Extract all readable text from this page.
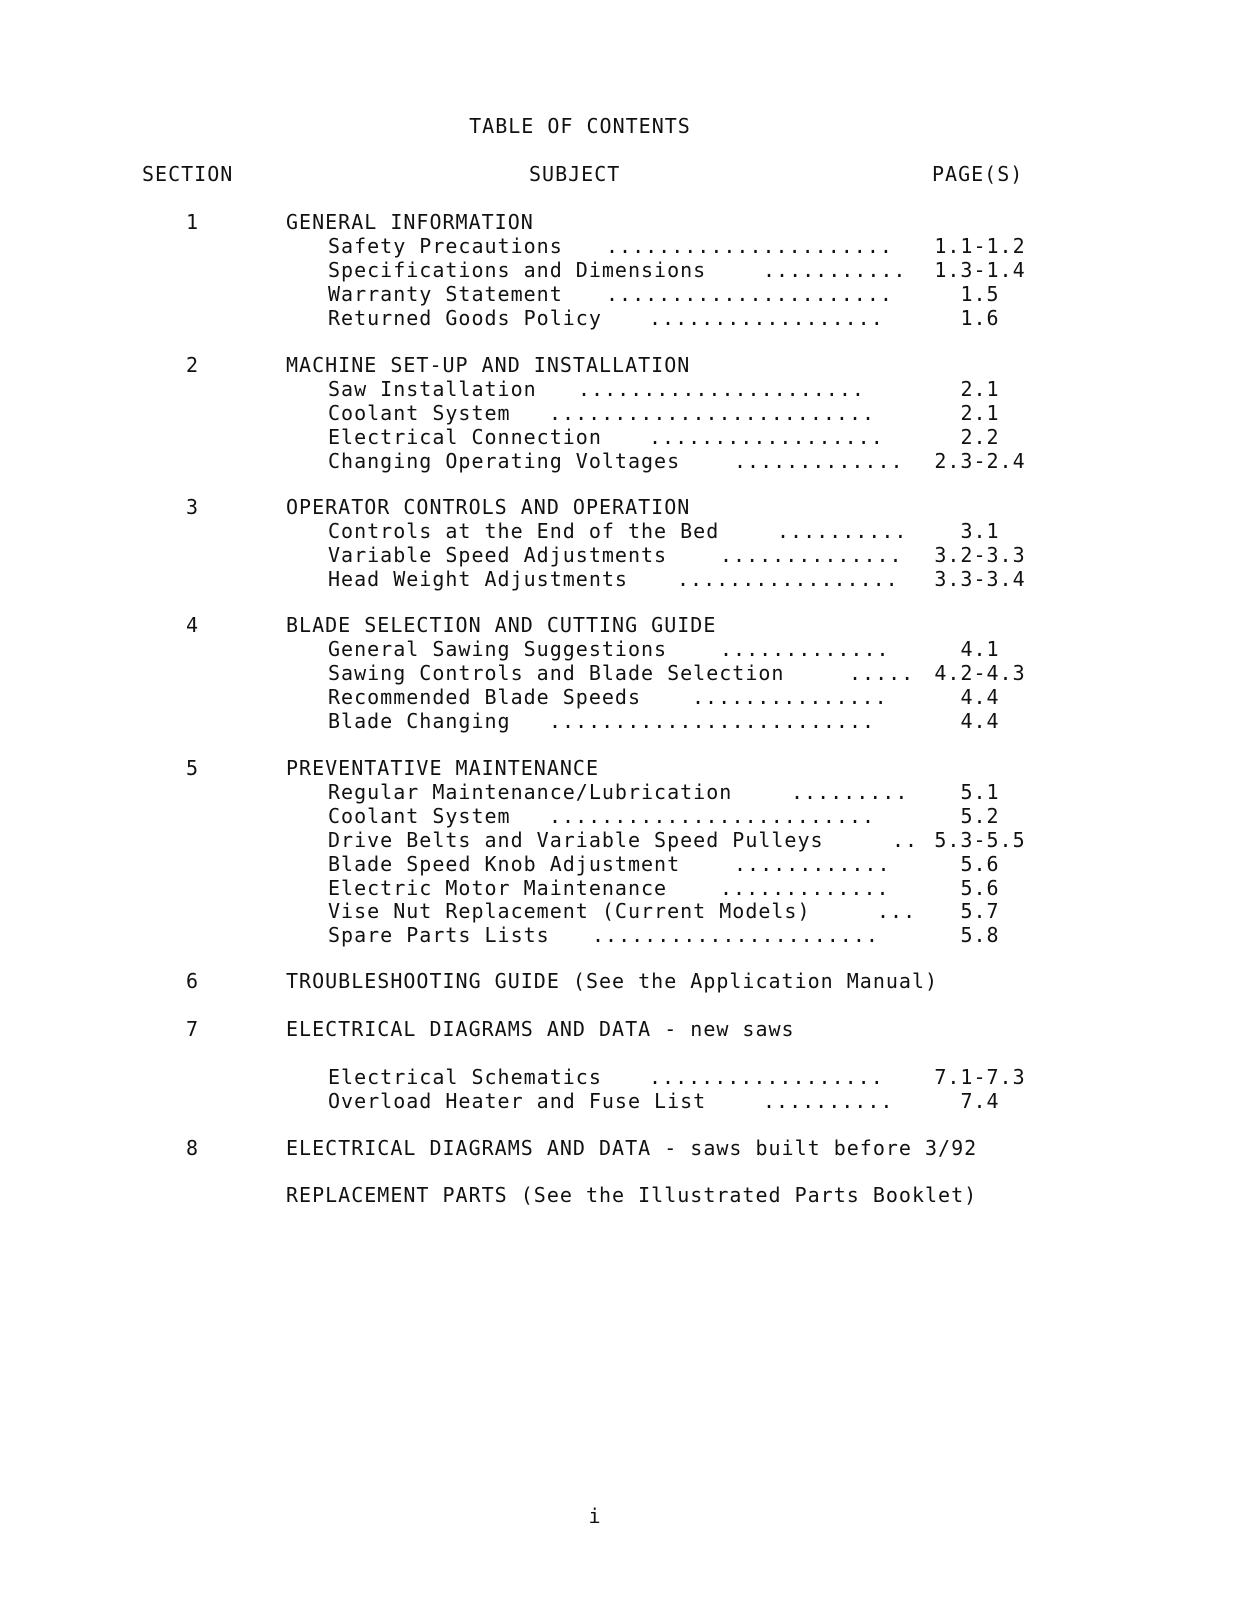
TABLE OF CONTENTS
SECTION	SUBJECT	PAGE(S)
1	GENERAL INFORMATION
Safety Precautions ...................... 1.1-1.2
Specifications and Dimensions	........... 1.3-1.4
Warranty Statement ......................	1.5
Returned Goods Policy ..................	1.6
2	MACHINE SET-UP AND INSTALLATION
Saw Installation ......................	2.1
Coolant System .........................	2.1
Electrical Connection ..................	2.2
Changing Operating Voltages	............. 2.3-2.4
3	OPERATOR CONTROLS AND OPERATION
Controls at the End of the Bed	..........	3.1
Variable Speed Adjustments	.............. 3.2-3.3
Head Weight Adjustments ................. 3.3-3.4
4	BLADE SELECTION AND CUTTING GUIDE
General Sawing Suggestions	.............	4.1
Sawing Controls and Blade Selection	..... 4.2-4.3
Recommended Blade Speeds	...............	4.4
Blade Changing .........................	4.4
5	PREVENTATIVE MAINTENANCE
Regular Maintenance/Lubrication	.........	5.1
Coolant System .........................	5.2
Drive Belts and Variable Speed Pulleys	.. 5.3-5.5
Blade Speed Knob Adjustment	............	5.6
Electric Motor Maintenance	.............	5.6
Vise Nut Replacement (Current Models)	...	5.7
Spare Parts Lists ......................	5.8
6	TROUBLESHOOTING GUIDE (See the Application Manual)
7	ELECTRICAL DIAGRAMS AND DATA - new saws
Electrical Schematics ..................	7.1-7.3
Overload Heater and Fuse List	..........	7.4
8	ELECTRICAL DIAGRAMS AND DATA - saws built before 3/92
REPLACEMENT PARTS (See the Illustrated Parts Booklet)
i
